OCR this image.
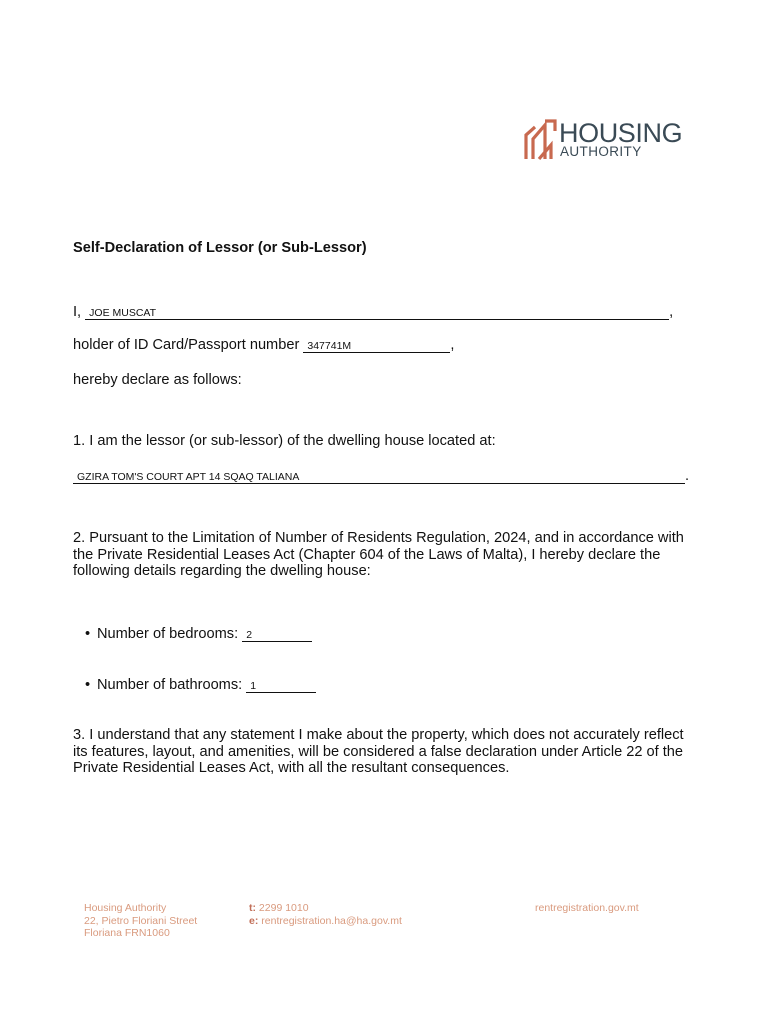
HOUSING
AUTHORITY
Self-Declaration of Lessor (or Sub-Lessor)
I, JOE MUSCAT	,
holder of ID Card/Passport number 347741M	,
hereby declare as follows:
1. I am the lessor (or sub-lessor) of the dwelling house located at:
GZIRA TOM'S COURT APT 14 SQAQ TALIANA	.
2. Pursuant to the Limitation of Number of Residents Regulation, 2024, and in accordance with the Private Residential Leases Act (Chapter 604 of the Laws of Malta), I hereby declare the following details regarding the dwelling house:
• Number of bedrooms: 2
• Number of bathrooms: 1
3. I understand that any statement I make about the property, which does not accurately reflect its features, layout, and amenities, will be considered a false declaration under Article 22 of the Private Residential Leases Act, with all the resultant consequences.
Housing Authority
22, Pietro Floriani Street
Floriana FRN1060
t: 2299 1010
e: rentregistration.ha@ha.gov.mt
rentregistration.gov.mt
